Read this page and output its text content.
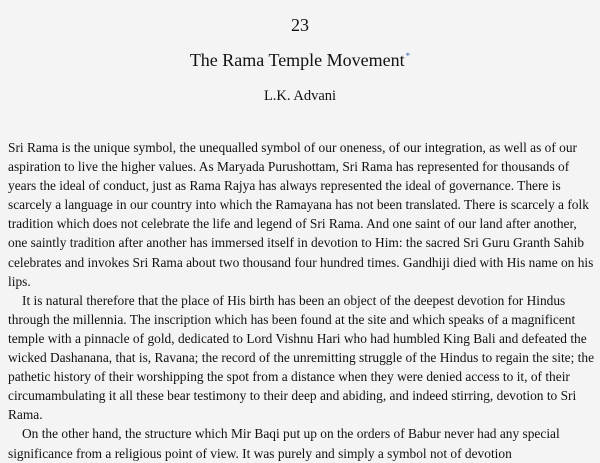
23
The Rama Temple Movement*
L.K. Advani

Sri Rama is the unique symbol, the unequalled symbol of our oneness, of our integration, as well as of our aspiration to live the higher values. As Maryada Purushottam, Sri Rama has represented for thousands of years the ideal of conduct, just as Rama Rajya has always represented the ideal of governance. There is scarcely a language in our country into which the Ramayana has not been translated. There is scarcely a folk tradition which does not celebrate the life and legend of Sri Rama. And one saint of our land after another, one saintly tradition after another has immersed itself in devotion to Him: the sacred Sri Guru Granth Sahib celebrates and invokes Sri Rama about two thousand four hundred times. Gandhiji died with His name on his lips.

It is natural therefore that the place of His birth has been an object of the deepest devotion for Hindus through the millennia. The inscription which has been found at the site and which speaks of a magnificent temple with a pinnacle of gold, dedicated to Lord Vishnu Hari who had humbled King Bali and defeated the wicked Dashanana, that is, Ravana; the record of the unremitting struggle of the Hindus to regain the site; the pathetic history of their worshipping the spot from a distance when they were denied access to it, of their circumambulating it all these bear testimony to their deep and abiding, and indeed stirring, devotion to Sri Rama.

On the other hand, the structure which Mir Baqi put up on the orders of Babur never had any special significance from a religious point of view. It was purely and simply a symbol not of devotion
